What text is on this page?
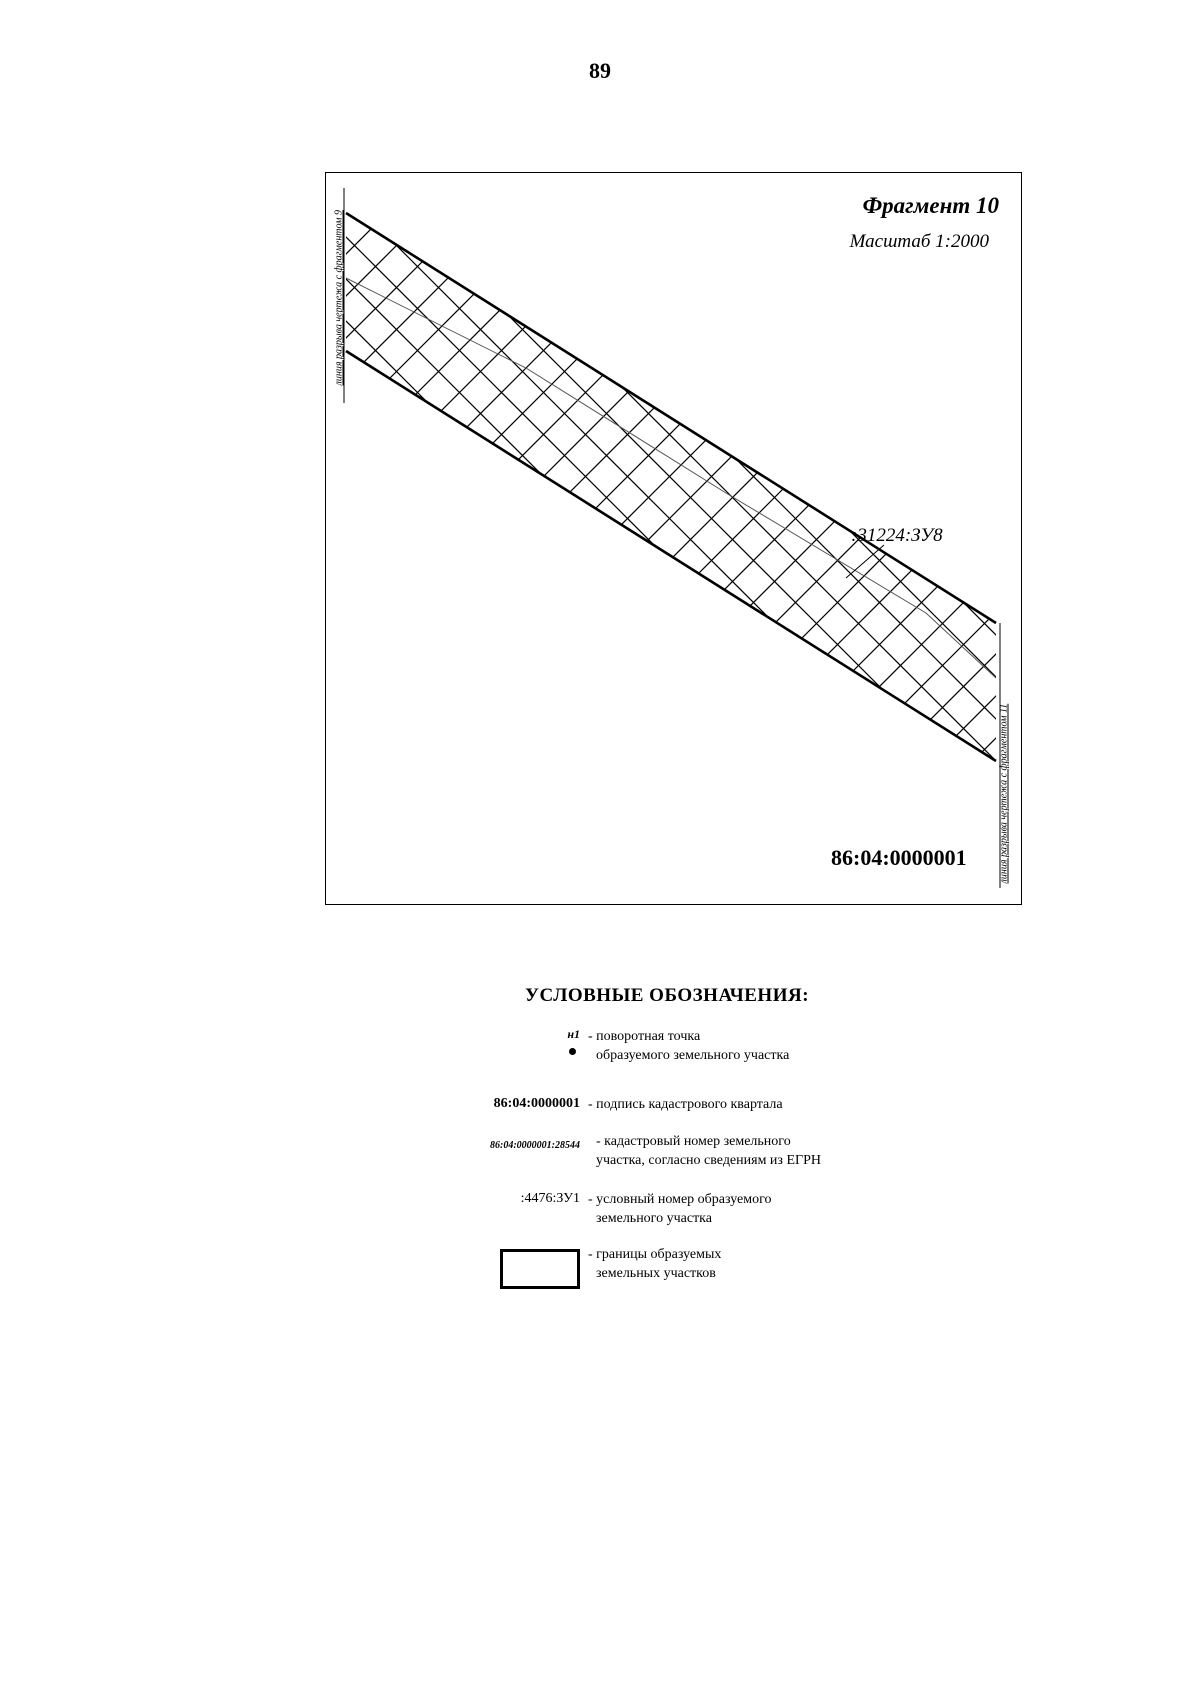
89
Фрагмент 10
Масштаб 1:2000
:31224:ЗУ8
86:04:0000001
линия разрыва чертежа с фрагментом 9
линия разрыва чертежа с фрагментом 11
УСЛОВНЫЕ ОБОЗНАЧЕНИЯ:
н1 - поворотная точка
образуемого земельного участка
86:04:0000001 - подпись кадастрового квартала
86:04:0000001:28544	- кадастровый номер земельного
участка, согласно сведениям из ЕГРН
:4476:ЗУ1 - условный номер образуемого
земельного участка
- границы образуемых
земельных участков
